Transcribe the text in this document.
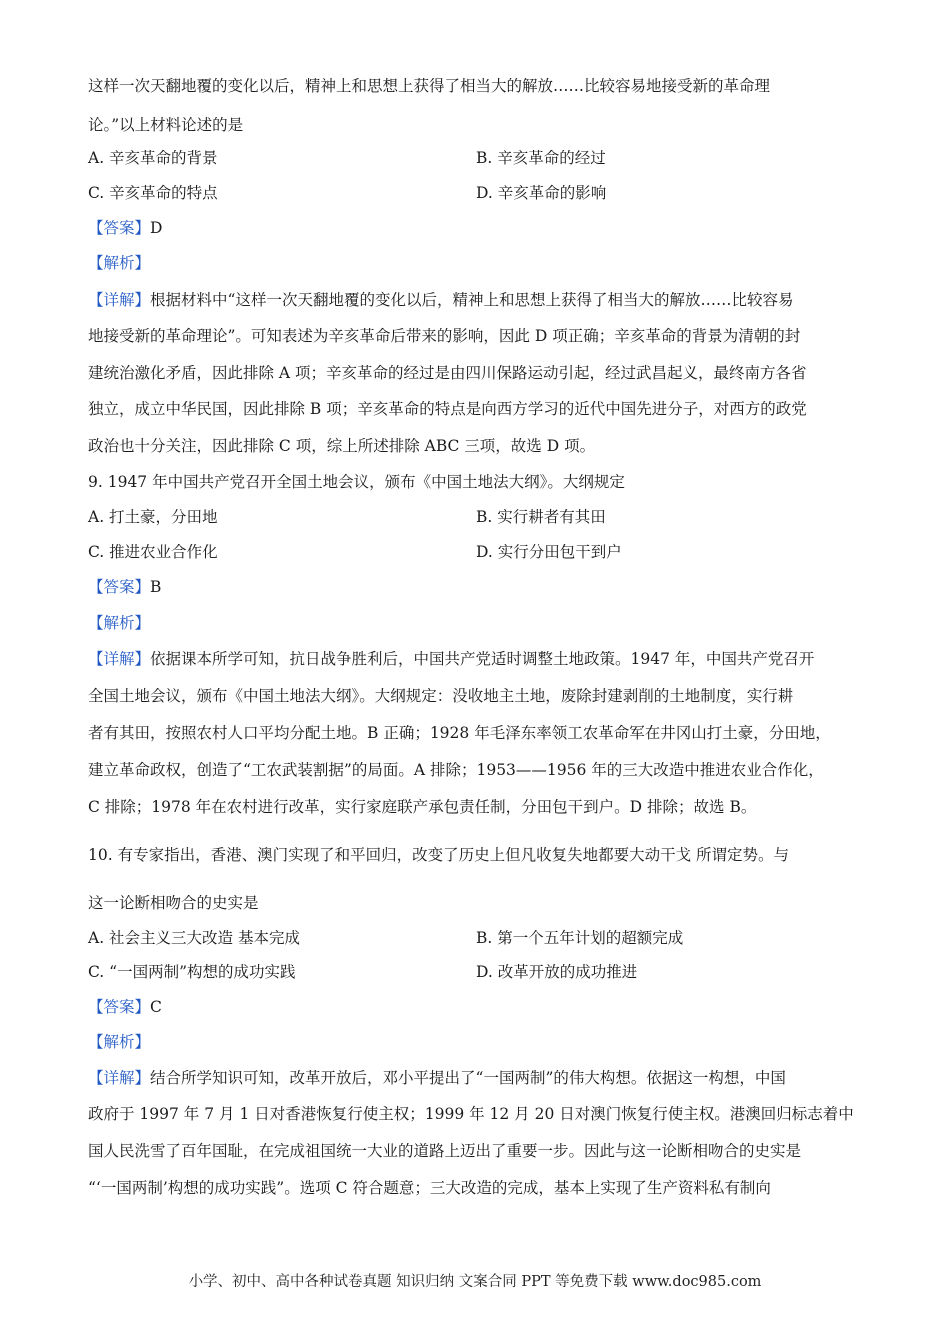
这样一次天翻地覆的变化以后，精神上和思想上获得了相当大的解放……比较容易地接受新的革命理
论。”以上材料论述的是
A. 辛亥革命的背景	B. 辛亥革命的经过
C. 辛亥革命的特点	D. 辛亥革命的影响
【答案】D
【解析】
【详解】根据材料中“这样一次天翻地覆的变化以后，精神上和思想上获得了相当大的解放……比较容易
地接受新的革命理论”。可知表述为辛亥革命后带来的影响，因此 D 项正确；辛亥革命的背景为清朝的封
建统治激化矛盾，因此排除 A 项；辛亥革命的经过是由四川保路运动引起，经过武昌起义，最终南方各省
独立，成立中华民国，因此排除 B 项；辛亥革命的特点是向西方学习的近代中国先进分子，对西方的政党
政治也十分关注，因此排除 C 项，综上所述排除 ABC 三项，故选 D 项。
9. 1947 年中国共产党召开全国土地会议，颁布《中国土地法大纲》。大纲规定
A. 打土豪，分田地	B. 实行耕者有其田
C. 推进农业合作化	D. 实行分田包干到户
【答案】B
【解析】
【详解】依据课本所学可知，抗日战争胜利后，中国共产党适时调整土地政策。1947 年，中国共产党召开
全国土地会议，颁布《中国土地法大纲》。大纲规定：没收地主土地，废除封建剥削的土地制度，实行耕
者有其田，按照农村人口平均分配土地。B 正确；1928 年毛泽东率领工农革命军在井冈山打土豪，分田地，
建立革命政权，创造了“工农武装割据”的局面。A 排除；1953——1956 年的三大改造中推进农业合作化，
C 排除；1978 年在农村进行改革，实行家庭联产承包责任制，分田包干到户。D 排除；故选 B。
10. 有专家指出，香港、澳门实现了和平回归，改变了历史上但凡收复失地都要大动干戈 所谓定势。与
这一论断相吻合的史实是
A. 社会主义三大改造 基本完成	B. 第一个五年计划的超额完成
C. “一国两制”构想的成功实践	D. 改革开放的成功推进
【答案】C
【解析】
【详解】结合所学知识可知，改革开放后，邓小平提出了“一国两制”的伟大构想。依据这一构想，中国
政府于 1997 年 7 月 1 日对香港恢复行使主权；1999 年 12 月 20 日对澳门恢复行使主权。港澳回归标志着中
国人民洗雪了百年国耻，在完成祖国统一大业的道路上迈出了重要一步。因此与这一论断相吻合的史实是
“‘一国两制’构想的成功实践”。选项 C 符合题意；三大改造的完成，基本上实现了生产资料私有制向
小学、初中、高中各种试卷真题 知识归纳 文案合同 PPT 等免费下载 www.doc985.com
